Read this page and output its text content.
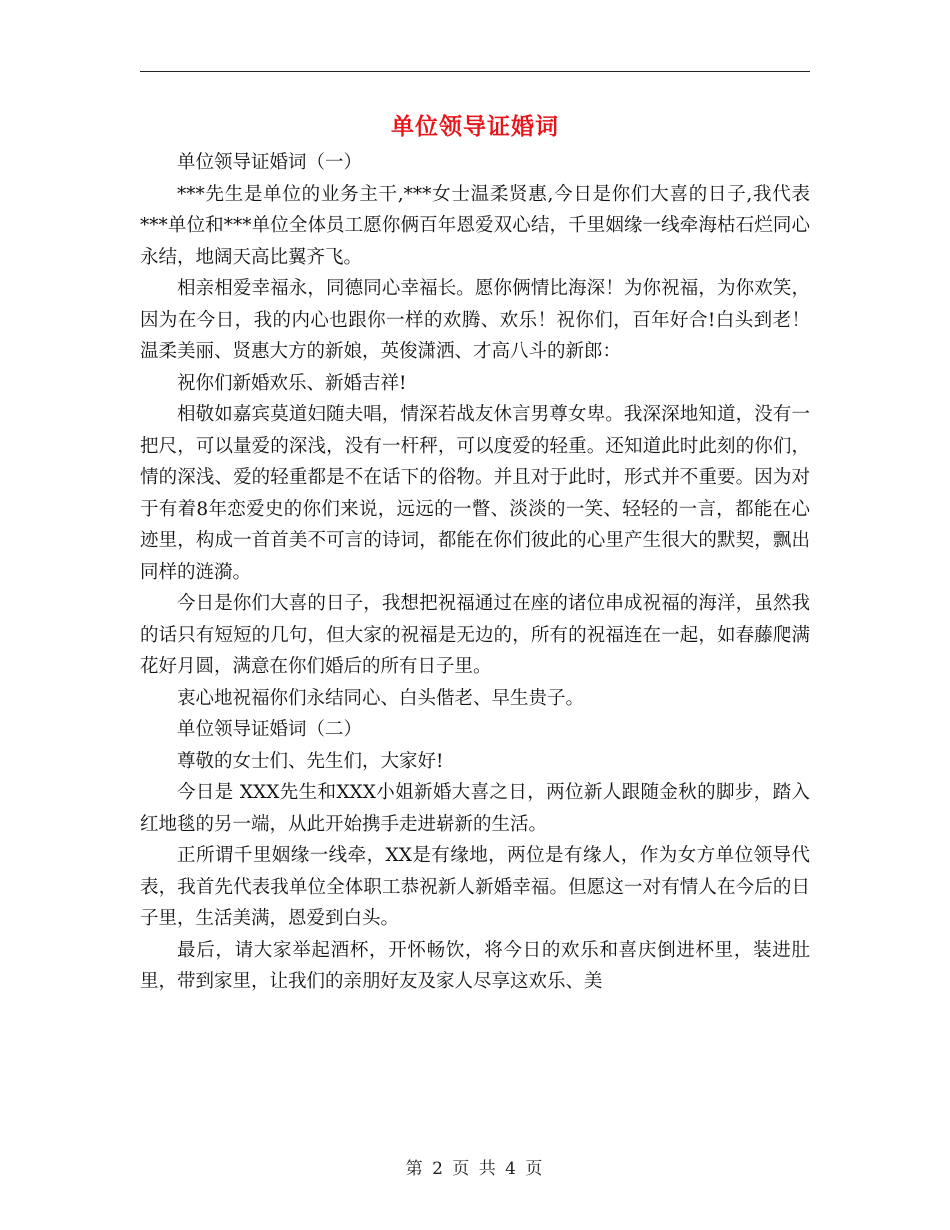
单位领导证婚词

单位领导证婚词（一）

***先生是单位的业务主干,***女士温柔贤惠,今日是你们大喜的日子,我代表***单位和***单位全体员工愿你俩百年恩爱双心结，千里姻缘一线牵海枯石烂同心永结，地阔天高比翼齐飞。

相亲相爱幸福永，同德同心幸福长。愿你俩情比海深！为你祝福，为你欢笑，因为在今日，我的内心也跟你一样的欢腾、欢乐！祝你们，百年好合!白头到老！温柔美丽、贤惠大方的新娘，英俊潇洒、才高八斗的新郎：

祝你们新婚欢乐、新婚吉祥!

相敬如嘉宾莫道妇随夫唱，情深若战友休言男尊女卑。我深深地知道，没有一把尺，可以量爱的深浅，没有一杆秤，可以度爱的轻重。还知道此时此刻的你们，情的深浅、爱的轻重都是不在话下的俗物。并且对于此时，形式并不重要。因为对于有着8年恋爱史的你们来说，远远的一瞥、淡淡的一笑、轻轻的一言，都能在心迹里，构成一首首美不可言的诗词，都能在你们彼此的心里产生很大的默契，飘出同样的涟漪。

今日是你们大喜的日子，我想把祝福通过在座的诸位串成祝福的海洋，虽然我的话只有短短的几句，但大家的祝福是无边的，所有的祝福连在一起，如春藤爬满花好月圆，满意在你们婚后的所有日子里。

衷心地祝福你们永结同心、白头偕老、早生贵子。

单位领导证婚词（二）

尊敬的女士们、先生们，大家好!

今日是 XXX先生和XXX小姐新婚大喜之日，两位新人跟随金秋的脚步，踏入红地毯的另一端，从此开始携手走进崭新的生活。

正所谓千里姻缘一线牵，XX是有缘地，两位是有缘人，作为女方单位领导代表，我首先代表我单位全体职工恭祝新人新婚幸福。但愿这一对有情人在今后的日子里，生活美满，恩爱到白头。

最后，请大家举起酒杯，开怀畅饮，将今日的欢乐和喜庆倒进杯里，装进肚里，带到家里，让我们的亲朋好友及家人尽享这欢乐、美

第 2 页 共 4 页
